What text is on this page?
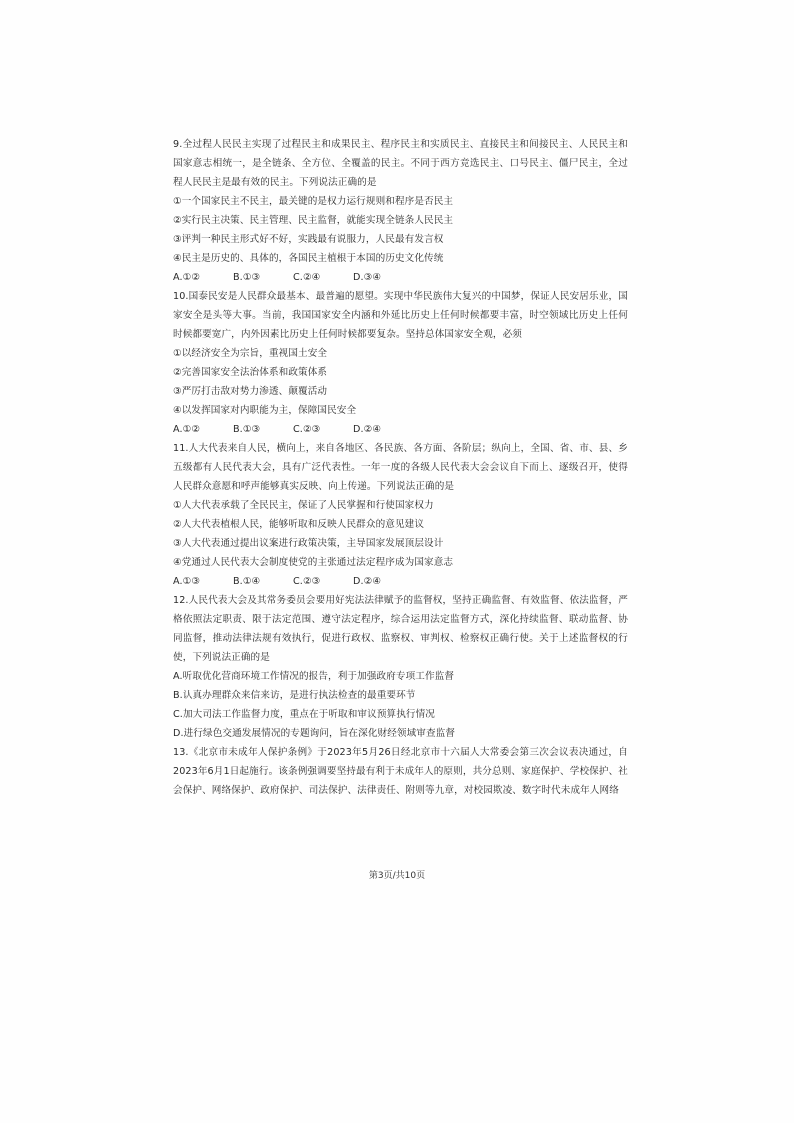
9.全过程人民民主实现了过程民主和成果民主、程序民主和实质民主、直接民主和间接民主、人民民主和国家意志相统一，是全链条、全方位、全覆盖的民主。不同于西方竞选民主、口号民主、僵尸民主，全过程人民民主是最有效的民主。下列说法正确的是

①一个国家民主不民主，最关键的是权力运行规则和程序是否民主

②实行民主决策、民主管理、民主监督，就能实现全链条人民民主

③评判一种民主形式好不好，实践最有说服力，人民最有发言权

④民主是历史的、具体的，各国民主植根于本国的历史文化传统

A.①②	B.①③	C.②④	D.③④

10.国泰民安是人民群众最基本、最普遍的愿望。实现中华民族伟大复兴的中国梦，保证人民安居乐业，国家安全是头等大事。当前，我国国家安全内涵和外延比历史上任何时候都要丰富，时空领域比历史上任何时候都要宽广，内外因素比历史上任何时候都要复杂。坚持总体国家安全观，必须

①以经济安全为宗旨，重视国土安全

②完善国家安全法治体系和政策体系

③严厉打击敌对势力渗透、颠覆活动

④以发挥国家对内职能为主，保障国民安全

A.①②	B.①③	C.②③	D.②④

11.人大代表来自人民，横向上，来自各地区、各民族、各方面、各阶层；纵向上，全国、省、市、县、乡五级都有人民代表大会，具有广泛代表性。一年一度的各级人民代表大会会议自下而上、逐级召开，使得人民群众意愿和呼声能够真实反映、向上传递。下列说法正确的是

①人大代表承载了全民民主，保证了人民掌握和行使国家权力

②人大代表植根人民，能够听取和反映人民群众的意见建议

③人大代表通过提出议案进行政策决策，主导国家发展顶层设计

④党通过人民代表大会制度使党的主张通过法定程序成为国家意志

A.①③	B.①④	C.②③	D.②④

12.人民代表大会及其常务委员会要用好宪法法律赋予的监督权，坚持正确监督、有效监督、依法监督，严格依照法定职责、限于法定范围、遵守法定程序，综合运用法定监督方式，深化持续监督、联动监督、协同监督，推动法律法规有效执行，促进行政权、监察权、审判权、检察权正确行使。关于上述监督权的行使，下列说法正确的是

A.听取优化营商环境工作情况的报告，利于加强政府专项工作监督

B.认真办理群众来信来访，是进行执法检查的最重要环节

C.加大司法工作监督力度，重点在于听取和审议预算执行情况

D.进行绿色交通发展情况的专题询问，旨在深化财经领域审查监督

13.《北京市未成年人保护条例》于2023年5月26日经北京市十六届人大常委会第三次会议表决通过，自2023年6月1日起施行。该条例强调要坚持最有利于未成年人的原则，共分总则、家庭保护、学校保护、社会保护、网络保护、政府保护、司法保护、法律责任、附则等九章，对校园欺凌、数字时代未成年人网络

第3页/共10页
